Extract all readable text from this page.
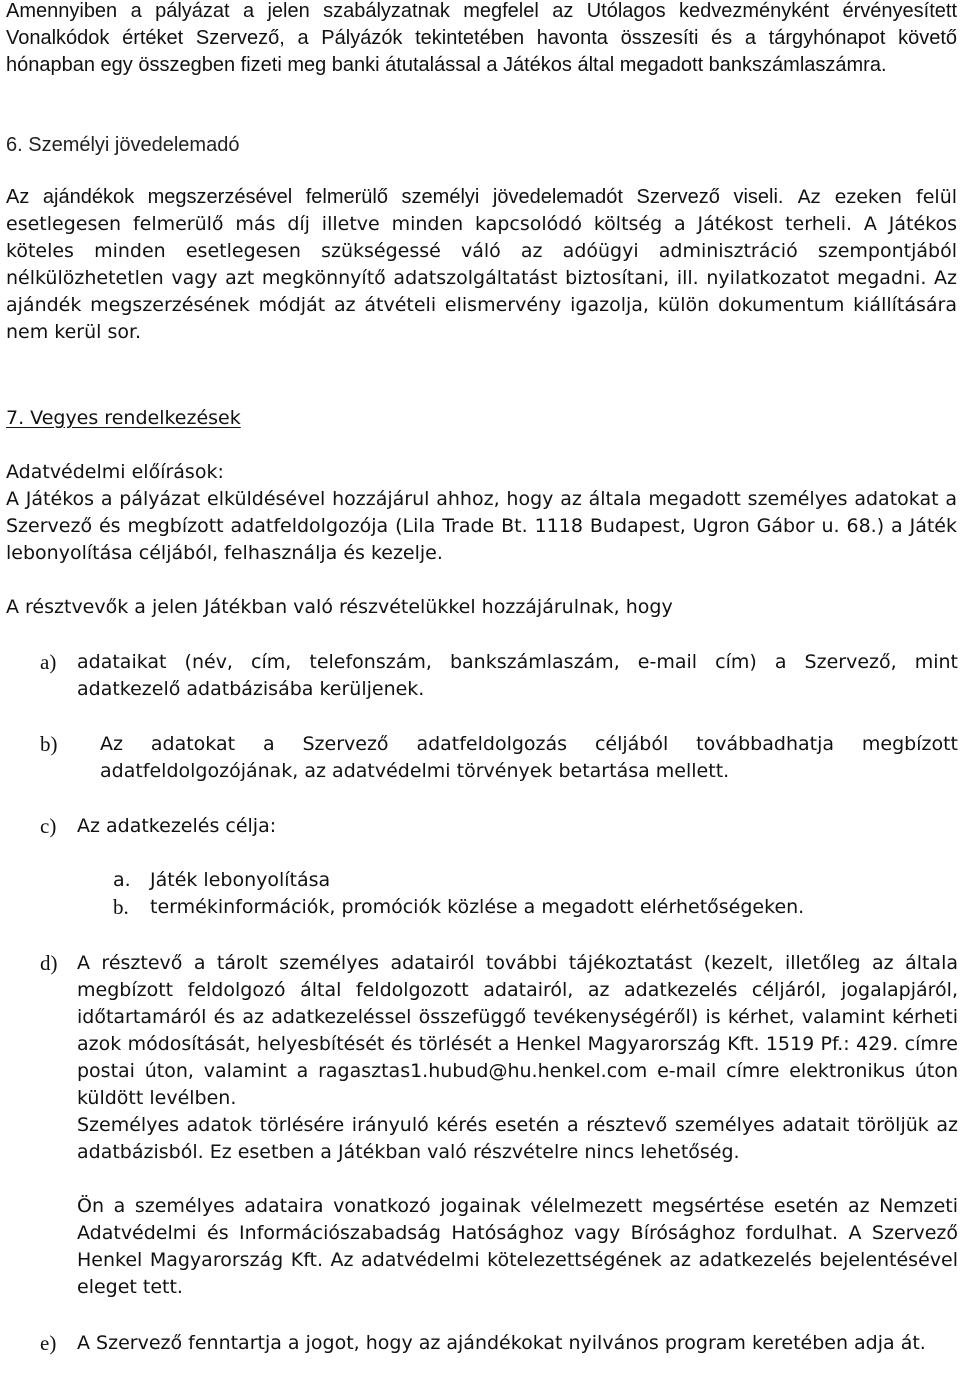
Amennyiben a pályázat a jelen szabályzatnak megfelel az Utólagos kedvezményként érvényesített Vonalkódok értéket Szervező, a Pályázók tekintetében havonta összesíti és a tárgyhónapot követő hónapban egy összegben fizeti meg banki átutalással a Játékos által megadott bankszámlaszámra.

6. Személyi jövedelemadó

Az ajándékok megszerzésével felmerülő személyi jövedelemadót Szervező viseli. Az ezeken felül esetlegesen felmerülő más díj illetve minden kapcsolódó költség a Játékost terheli. A Játékos köteles minden esetlegesen szükségessé váló az adóügyi adminisztráció szempontjából nélkülözhetetlen vagy azt megkönnyítő adatszolgáltatást biztosítani, ill. nyilatkozatot megadni. Az ajándék megszerzésének módját az átvételi elismervény igazolja, külön dokumentum kiállítására nem kerül sor.

7. Vegyes rendelkezések
Adatvédelmi előírások:

A Játékos a pályázat elküldésével hozzájárul ahhoz, hogy az általa megadott személyes adatokat a Szervező és megbízott adatfeldolgozója (Lila Trade Bt. 1118 Budapest, Ugron Gábor u. 68.) a Játék lebonyolítása céljából, felhasználja és kezelje.

A résztvevők a jelen Játékban való részvételükkel hozzájárulnak, hogy
a) adataikat (név, cím, telefonszám, bankszámlaszám, e-mail cím) a Szervező, mint adatkezelő adatbázisába kerüljenek.

b) Az adatokat a Szervező adatfeldolgozás céljából továbbadhatja megbízott adatfeldolgozójának, az adatvédelmi törvények betartása mellett.

c) Az adatkezelés célja:
a. Játék lebonyolítása
b. termékinformációk, promóciók közlése a megadott elérhetőségeken.
d) A résztevő a tárolt személyes adatairól további tájékoztatást (kezelt, illetőleg az általa megbízott feldolgozó által feldolgozott adatairól, az adatkezelés céljáról, jogalapjáról, időtartamáról és az adatkezeléssel összefüggő tevékenységéről) is kérhet, valamint kérheti azok módosítását, helyesbítését és törlését a Henkel Magyarország Kft. 1519 Pf.: 429. címre postai úton, valamint a ragasztas1.hubud@hu.henkel.com e-mail címre elektronikus úton küldött levélben.

Személyes adatok törlésére irányuló kérés esetén a résztevő személyes adatait töröljük az adatbázisból. Ez esetben a Játékban való részvételre nincs lehetőség.

Ön a személyes adataira vonatkozó jogainak vélelmezett megsértése esetén az Nemzeti Adatvédelmi és Információszabadság Hatósághoz vagy Bírósághoz fordulhat. A Szervező Henkel Magyarország Kft. Az adatvédelmi kötelezettségének az adatkezelés bejelentésével eleget tett.

e) A Szervező fenntartja a jogot, hogy az ajándékokat nyilvános program keretében adja át.
